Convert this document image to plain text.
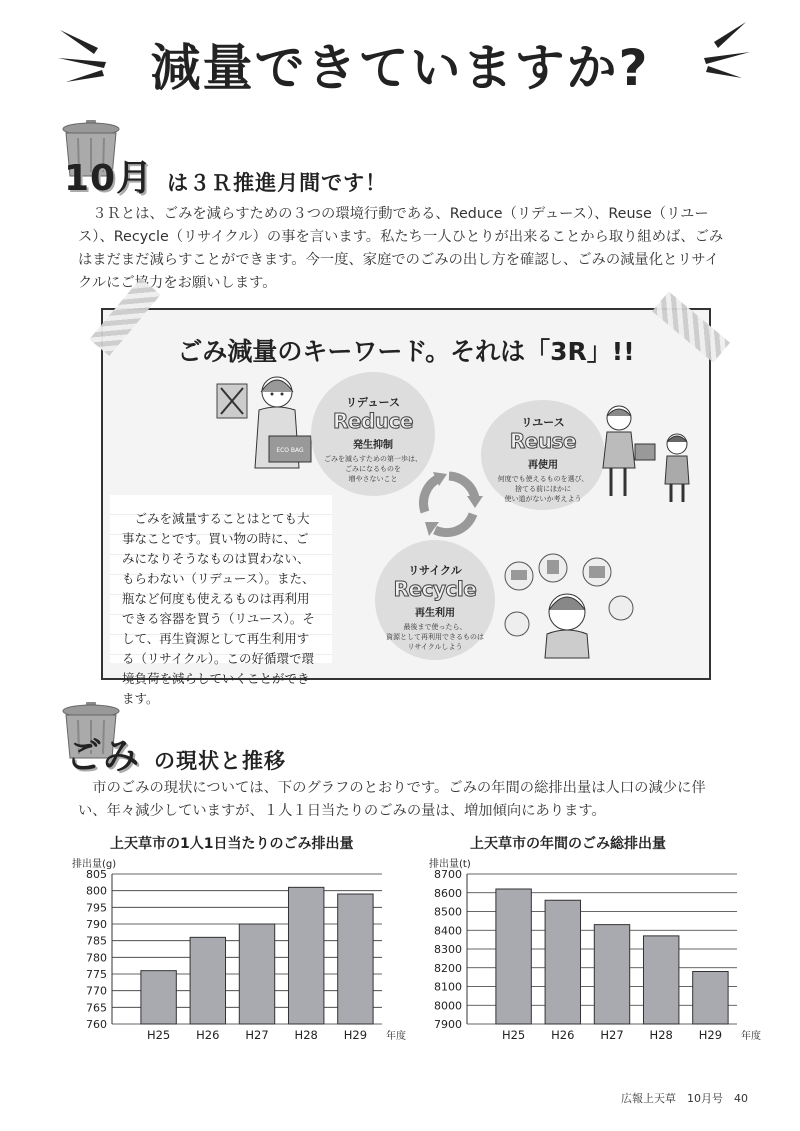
減量できていますか?
10月 は３Ｒ推進月間です！
３Ｒとは、ごみを減らすための３つの環境行動である、Reduce（リデュース）、Reuse（リユース）、Recycle（リサイクル）の事を言います。私たち一人ひとりが出来ることから取り組めば、ごみはまだまだ減らすことができます。今一度、家庭でのごみの出し方を確認し、ごみの減量化とリサイクルにご協力をお願いします。
ごみ減量のキーワード。それは「3R」!!
ECO BAG
リデュース
Reduce
発生抑制
ごみを減らすための第一歩は、
ごみになるものを
増やさないこと
リユース
Reuse
再使用
何度でも使えるものを選び、
捨てる前にほかに
使い道がないか考えよう
リサイクル
Recycle
再生利用
最後まで使ったら、
資源として再利用できるものは
リサイクルしよう
ごみを減量することはとても大事なことです。買い物の時に、ごみになりそうなものは買わない、もらわない（リデュース）。また、瓶など何度も使えるものは再利用できる容器を買う（リユース）。そして、再生資源として再生利用する（リサイクル）。この好循環で環境負荷を減らしていくことができます。
ごみ の現状と推移
市のごみの現状については、下のグラフのとおりです。ごみの年間の総排出量は人口の減少に伴い、年々減少していますが、１人１日当たりのごみの量は、増加傾向にあります。
上天草市の1人1日当たりのごみ排出量
排出量(g)
760
765
770
775
780
785
790
795
800
805
H25 H26 H27 H28 H29 年度
上天草市の年間のごみ総排出量
排出量(t)
7900
8000
8100
8200
8300
8400
8500
8600
8700
H25 H26 H27 H28 H29 年度
広報上天草　10月号　40
